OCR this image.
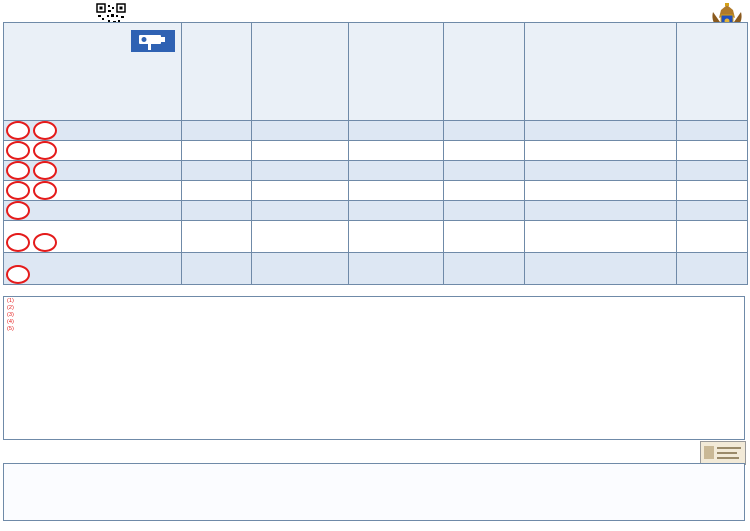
(1)

(2)

(3)

(4)

(5)
